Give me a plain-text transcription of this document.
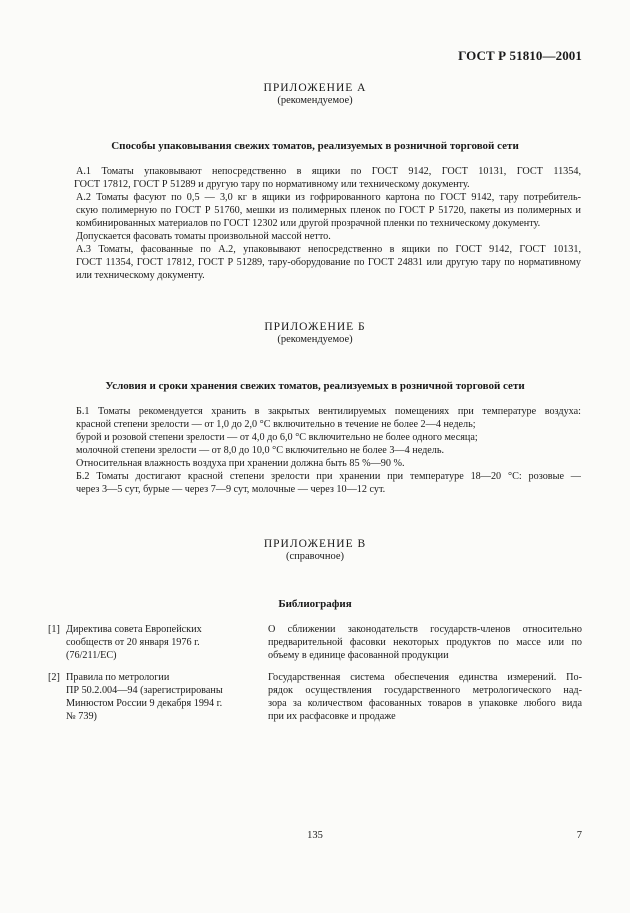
ГОСТ Р 51810—2001
ПРИЛОЖЕНИЕ А
(рекомендуемое)
Способы упаковывания свежих томатов, реализуемых в розничной торговой сети

А.1 Томаты упаковывают непосредственно в ящики по ГОСТ 9142, ГОСТ 10131, ГОСТ 11354,

ГОСТ 17812, ГОСТ Р 51289 и другую тару по нормативному или техническому документу.

А.2 Томаты фасуют по 0,5 — 3,0 кг в ящики из гофрированного картона по ГОСТ 9142, тару потребитель-

скую полимерную по ГОСТ Р 51760, мешки из полимерных пленок по ГОСТ Р 51720, пакеты из полимерных и

комбинированных материалов по ГОСТ 12302 или другой прозрачной пленки по техническому документу.

Допускается фасовать томаты произвольной массой нетто.

А.3 Томаты, фасованные по А.2, упаковывают непосредственно в ящики по ГОСТ 9142, ГОСТ 10131,

ГОСТ 11354, ГОСТ 17812, ГОСТ Р 51289, тару-оборудование по ГОСТ 24831 или другую тару по нормативному

или техническому документу.

ПРИЛОЖЕНИЕ Б
(рекомендуемое)
Условия и сроки хранения свежих томатов, реализуемых в розничной торговой сети

Б.1 Томаты рекомендуется хранить в закрытых вентилируемых помещениях при температуре воздуха:

красной степени зрелости — от 1,0 до 2,0 °С включительно в течение не более 2—4 недель;

бурой и розовой степени зрелости — от 4,0 до 6,0 °С включительно не более одного месяца;

молочной степени зрелости — от 8,0 до 10,0 °С включительно не более 3—4 недель.

Относительная влажность воздуха при хранении должна быть 85 %—90 %.

Б.2 Томаты достигают красной степени зрелости при хранении при температуре 18—20 °С: розовые —

через 3—5 сут, бурые — через 7—9 сут, молочные — через 10—12 сут.

ПРИЛОЖЕНИЕ В
(справочное)
Библиография
[1] Директива совета Европейских
сообществ от 20 января 1976 г.
(76/211/ЕС)

О сближении законодательств государств-членов относительно

предварительной фасовки некоторых продуктов по массе или по

объему в единице фасованной продукции

[2] Правила по метрологии
ПР 50.2.004—94 (зарегистрированы
Минюстом России 9 декабря 1994 г.
№ 739)

Государственная система обеспечения единства измерений. По-

рядок осуществления государственного метрологического над-

зора за количеством фасованных товаров в упаковке любого вида

при их расфасовке и продаже

135	7
